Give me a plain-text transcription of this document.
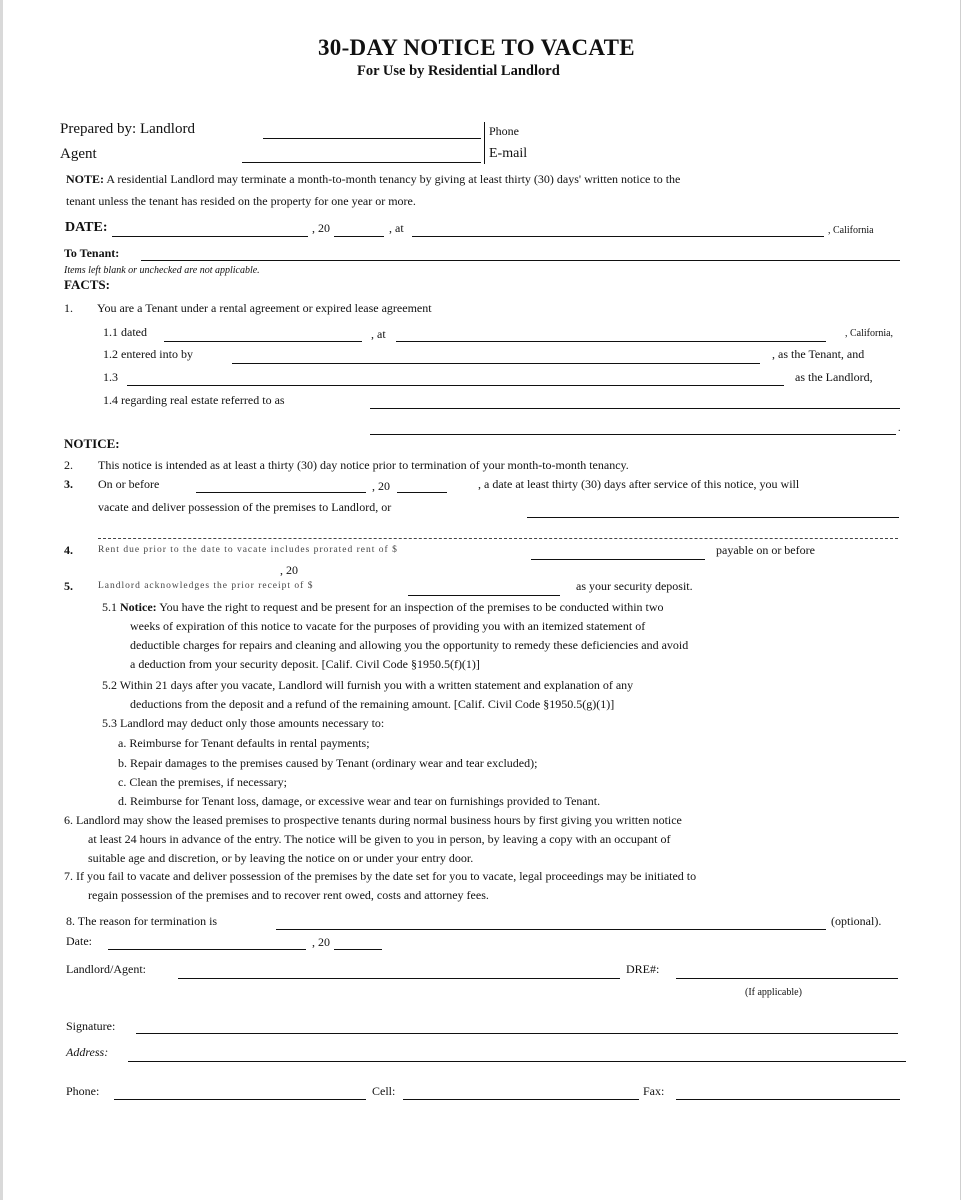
30-DAY NOTICE TO VACATE
For Use by Residential Landlord
Prepared by: Landlord	Phone
Agent	E-mail
NOTE: A residential Landlord may terminate a month-to-month tenancy by giving at least thirty (30) days' written notice to the
tenant unless the tenant has resided on the property for one year or more.
DATE:	, 20	, at	, California
To Tenant:
Items left blank or unchecked are not applicable.
FACTS:
1. You are a Tenant under a rental agreement or expired lease agreement
1.1 dated	, at	, California,
1.2 entered into by	, as the Tenant, and
1.3	as the Landlord,
1.4 regarding real estate referred to as
.
NOTICE:
2. This notice is intended as at least a thirty (30) day notice prior to termination of your month-to-month tenancy.
3. On or before	, 20	, a date at least thirty (30) days after service of this notice, you will
vacate and deliver possession of the premises to Landlord, or
4.	Rent due prior to the date to vacate includes prorated rent of $	payable on or before
, 20
5.	Landlord acknowledges the prior receipt of $	as your security deposit.
5.1 Notice: You have the right to request and be present for an inspection of the premises to be conducted within two
weeks of expiration of this notice to vacate for the purposes of providing you with an itemized statement of
deductible charges for repairs and cleaning and allowing you the opportunity to remedy these deficiencies and avoid
a deduction from your security deposit. [Calif. Civil Code §1950.5(f)(1)]
5.2 Within 21 days after you vacate, Landlord will furnish you with a written statement and explanation of any
deductions from the deposit and a refund of the remaining amount. [Calif. Civil Code §1950.5(g)(1)]
5.3 Landlord may deduct only those amounts necessary to:
a. Reimburse for Tenant defaults in rental payments;
b. Repair damages to the premises caused by Tenant (ordinary wear and tear excluded);
c. Clean the premises, if necessary;
d. Reimburse for Tenant loss, damage, or excessive wear and tear on furnishings provided to Tenant.
6. Landlord may show the leased premises to prospective tenants during normal business hours by first giving you written notice
at least 24 hours in advance of the entry. The notice will be given to you in person, by leaving a copy with an occupant of
suitable age and discretion, or by leaving the notice on or under your entry door.
7. If you fail to vacate and deliver possession of the premises by the date set for you to vacate, legal proceedings may be initiated to
regain possession of the premises and to recover rent owed, costs and attorney fees.
8. The reason for termination is	(optional).
Date:	, 20
Landlord/Agent:	DRE#:
(If applicable)
Signature:
Address:
Phone:	Cell:	Fax:
